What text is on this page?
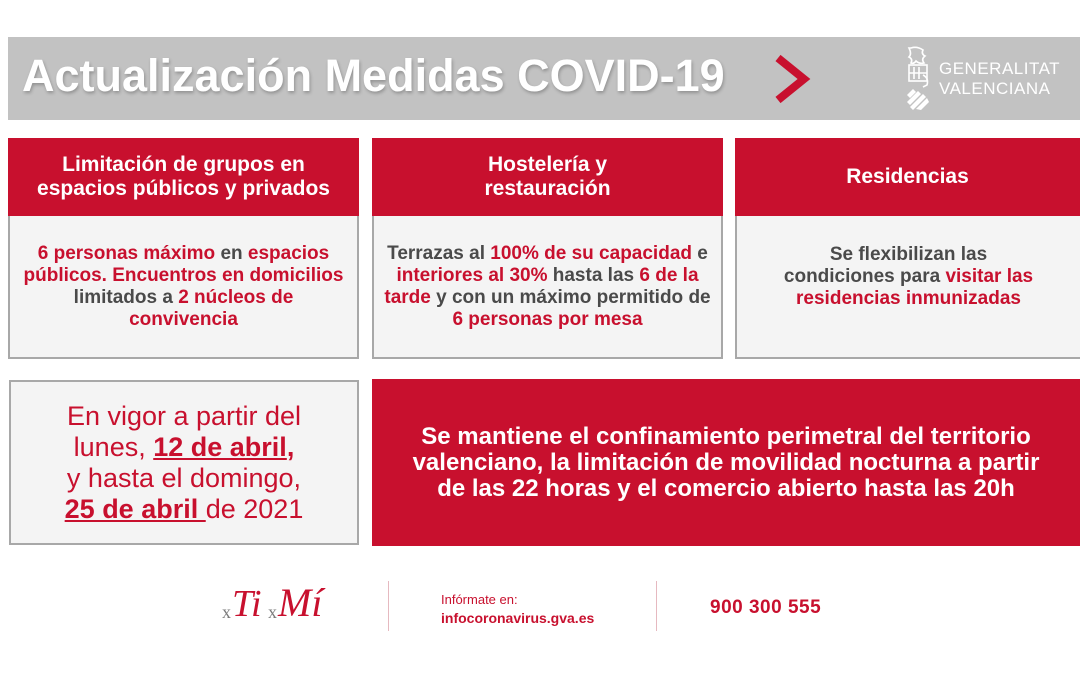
Actualización Medidas COVID-19	GENERALITAT
VALENCIANA
Limitación de grupos en espacios públicos y privados

6 personas máximo en espacios públicos. Encuentros en domicilios limitados a 2 núcleos de convivencia

Hostelería y restauración

Terrazas al 100% de su capacidad e interiores al 30% hasta las 6 de la tarde y con un máximo permitido de 6 personas por mesa

Residencias

Se flexibilizan las condiciones para visitar las residencias inmunizadas

En vigor a partir del
lunes, 12 de abril,
y hasta el domingo,
25 de abril de 2021

Se mantiene el confinamiento perimetral del territorio valenciano, la limitación de movilidad nocturna a partir de las 22 horas y el comercio abierto hasta las 20h

x Ti x Mí	Infórmate en:
infocoronavirus.gva.es	900 300 555
